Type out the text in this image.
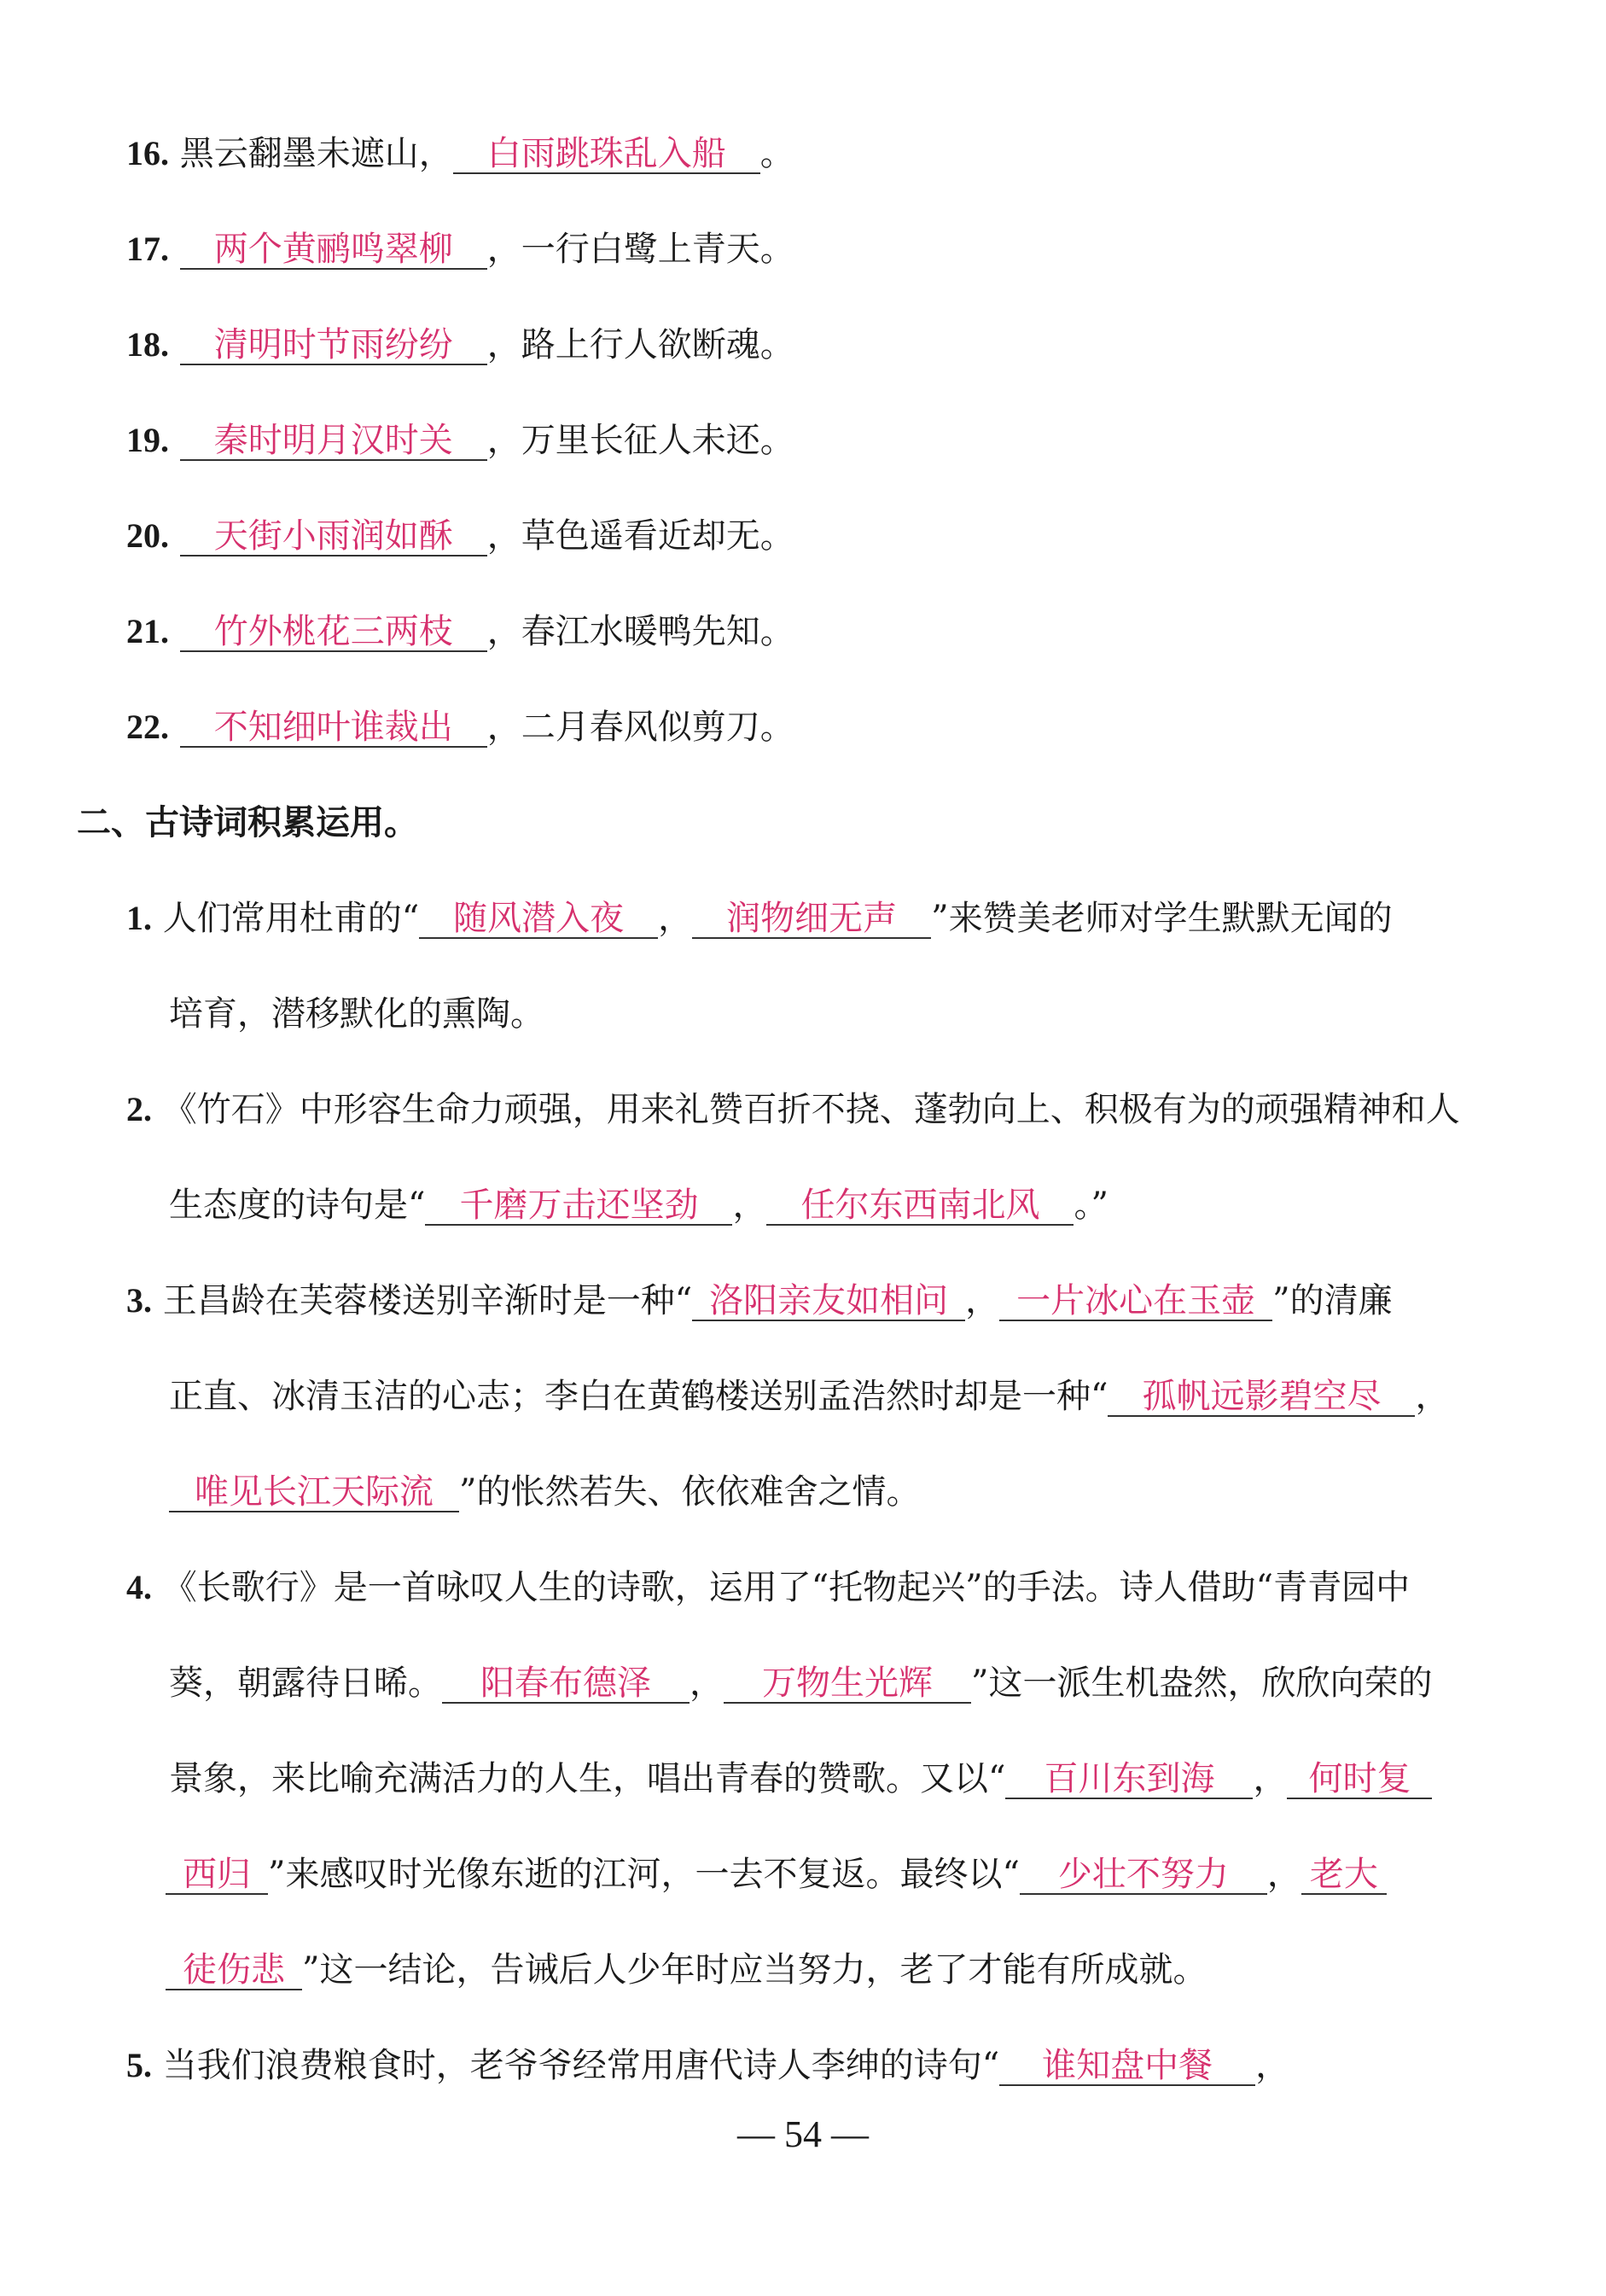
16. 黑云翻墨未遮山， 白雨跳珠乱入船 。
17. 两个黄鹂鸣翠柳 ，一行白鹭上青天。
18. 清明时节雨纷纷 ，路上行人欲断魂。
19. 秦时明月汉时关 ，万里长征人未还。
20. 天街小雨润如酥 ，草色遥看近却无。
21. 竹外桃花三两枝 ，春江水暖鸭先知。
22. 不知细叶谁裁出 ，二月春风似剪刀。
二、古诗词积累运用。
1. 人们常用杜甫的“ 随风潜入夜 ， 润物细无声 ”来赞美老师对学生默默无闻的
培育，潜移默化的熏陶。
2. 《竹石》中形容生命力顽强，用来礼赞百折不挠、蓬勃向上、积极有为的顽强精神和人
生态度的诗句是“ 千磨万击还坚劲 ， 任尔东西南北风 。”
3. 王昌龄在芙蓉楼送别辛渐时是一种“ 洛阳亲友如相问 ， 一片冰心在玉壶 ”的清廉
正直、冰清玉洁的心志；李白在黄鹤楼送别孟浩然时却是一种“ 孤帆远影碧空尽 ，
唯见长江天际流 ”的怅然若失、依依难舍之情。
4. 《长歌行》是一首咏叹人生的诗歌，运用了“托物起兴”的手法。诗人借助“青青园中
葵，朝露待日晞。 阳春布德泽 ， 万物生光辉 ”这一派生机盎然，欣欣向荣的
景象，来比喻充满活力的人生，唱出青春的赞歌。又以“ 百川东到海 ， 何时复
西归 ”来感叹时光像东逝的江河，一去不复返。最终以“ 少壮不努力 ， 老大
徒伤悲 ”这一结论，告诫后人少年时应当努力，老了才能有所成就。
5. 当我们浪费粮食时，老爷爷经常用唐代诗人李绅的诗句“ 谁知盘中餐 ，
— 54 —
